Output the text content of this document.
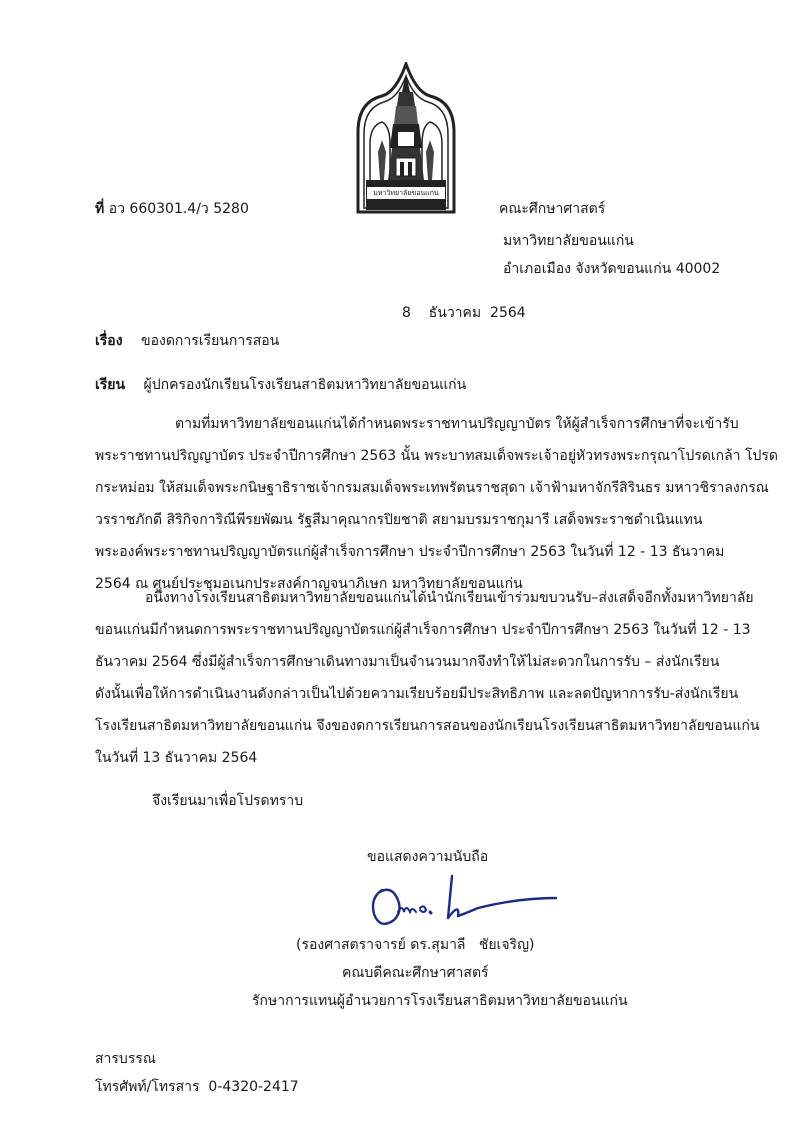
มหาวิทยาลัยขอนแก่น
ที่ อว 660301.4/ว 5280	คณะศึกษาศาสตร์
มหาวิทยาลัยขอนแก่น
อำเภอเมือง จังหวัดขอนแก่น 40002
8    ธันวาคม  2564
เรื่อง ของดการเรียนการสอน
เรียน ผู้ปกครองนักเรียนโรงเรียนสาธิตมหาวิทยาลัยขอนแก่น
ตามที่มหาวิทยาลัยขอนแก่นได้กำหนดพระราชทานปริญญาบัตร ให้ผู้สำเร็จการศึกษาที่จะเข้ารับ
พระราชทานปริญญาบัตร ประจำปีการศึกษา 2563 นั้น พระบาทสมเด็จพระเจ้าอยู่หัวทรงพระกรุณาโปรดเกล้า โปรด
กระหม่อม ให้สมเด็จพระกนิษฐาธิราชเจ้ากรมสมเด็จพระเทพรัตนราชสุดา เจ้าฟ้ามหาจักรีสิรินธร มหาวชิราลงกรณ
วรราชภักดี สิริกิจการิณีพีรยพัฒน รัฐสีมาคุณากรปิยชาติ สยามบรมราชกุมารี เสด็จพระราชดำเนินแทน
พระองค์พระราชทานปริญญาบัตรแก่ผู้สำเร็จการศึกษา ประจำปีการศึกษา 2563 ในวันที่ 12 - 13 ธันวาคม
2564 ณ ศูนย์ประชุมอเนกประสงค์กาญจนาภิเษก มหาวิทยาลัยขอนแก่น
อนึ่งทางโรงเรียนสาธิตมหาวิทยาลัยขอนแก่นได้นำนักเรียนเข้าร่วมขบวนรับ–ส่งเสด็จอีกทั้งมหาวิทยาลัย
ขอนแก่นมีกำหนดการพระราชทานปริญญาบัตรแก่ผู้สำเร็จการศึกษา ประจำปีการศึกษา 2563 ในวันที่ 12 - 13
ธันวาคม 2564 ซึ่งมีผู้สำเร็จการศึกษาเดินทางมาเป็นจำนวนมากจึงทำให้ไม่สะดวกในการรับ – ส่งนักเรียน
ดังนั้นเพื่อให้การดำเนินงานดังกล่าวเป็นไปด้วยความเรียบร้อยมีประสิทธิภาพ และลดปัญหาการรับ-ส่งนักเรียน
โรงเรียนสาธิตมหาวิทยาลัยขอนแก่น จึงของดการเรียนการสอนของนักเรียนโรงเรียนสาธิตมหาวิทยาลัยขอนแก่น
ในวันที่ 13 ธันวาคม 2564
จึงเรียนมาเพื่อโปรดทราบ
ขอแสดงความนับถือ
(รองศาสตราจารย์ ดร.สุมาลี   ชัยเจริญ)
คณบดีคณะศึกษาศาสตร์
รักษาการแทนผู้อำนวยการโรงเรียนสาธิตมหาวิทยาลัยขอนแก่น
สารบรรณ
โทรศัพท์/โทรสาร  0-4320-2417
